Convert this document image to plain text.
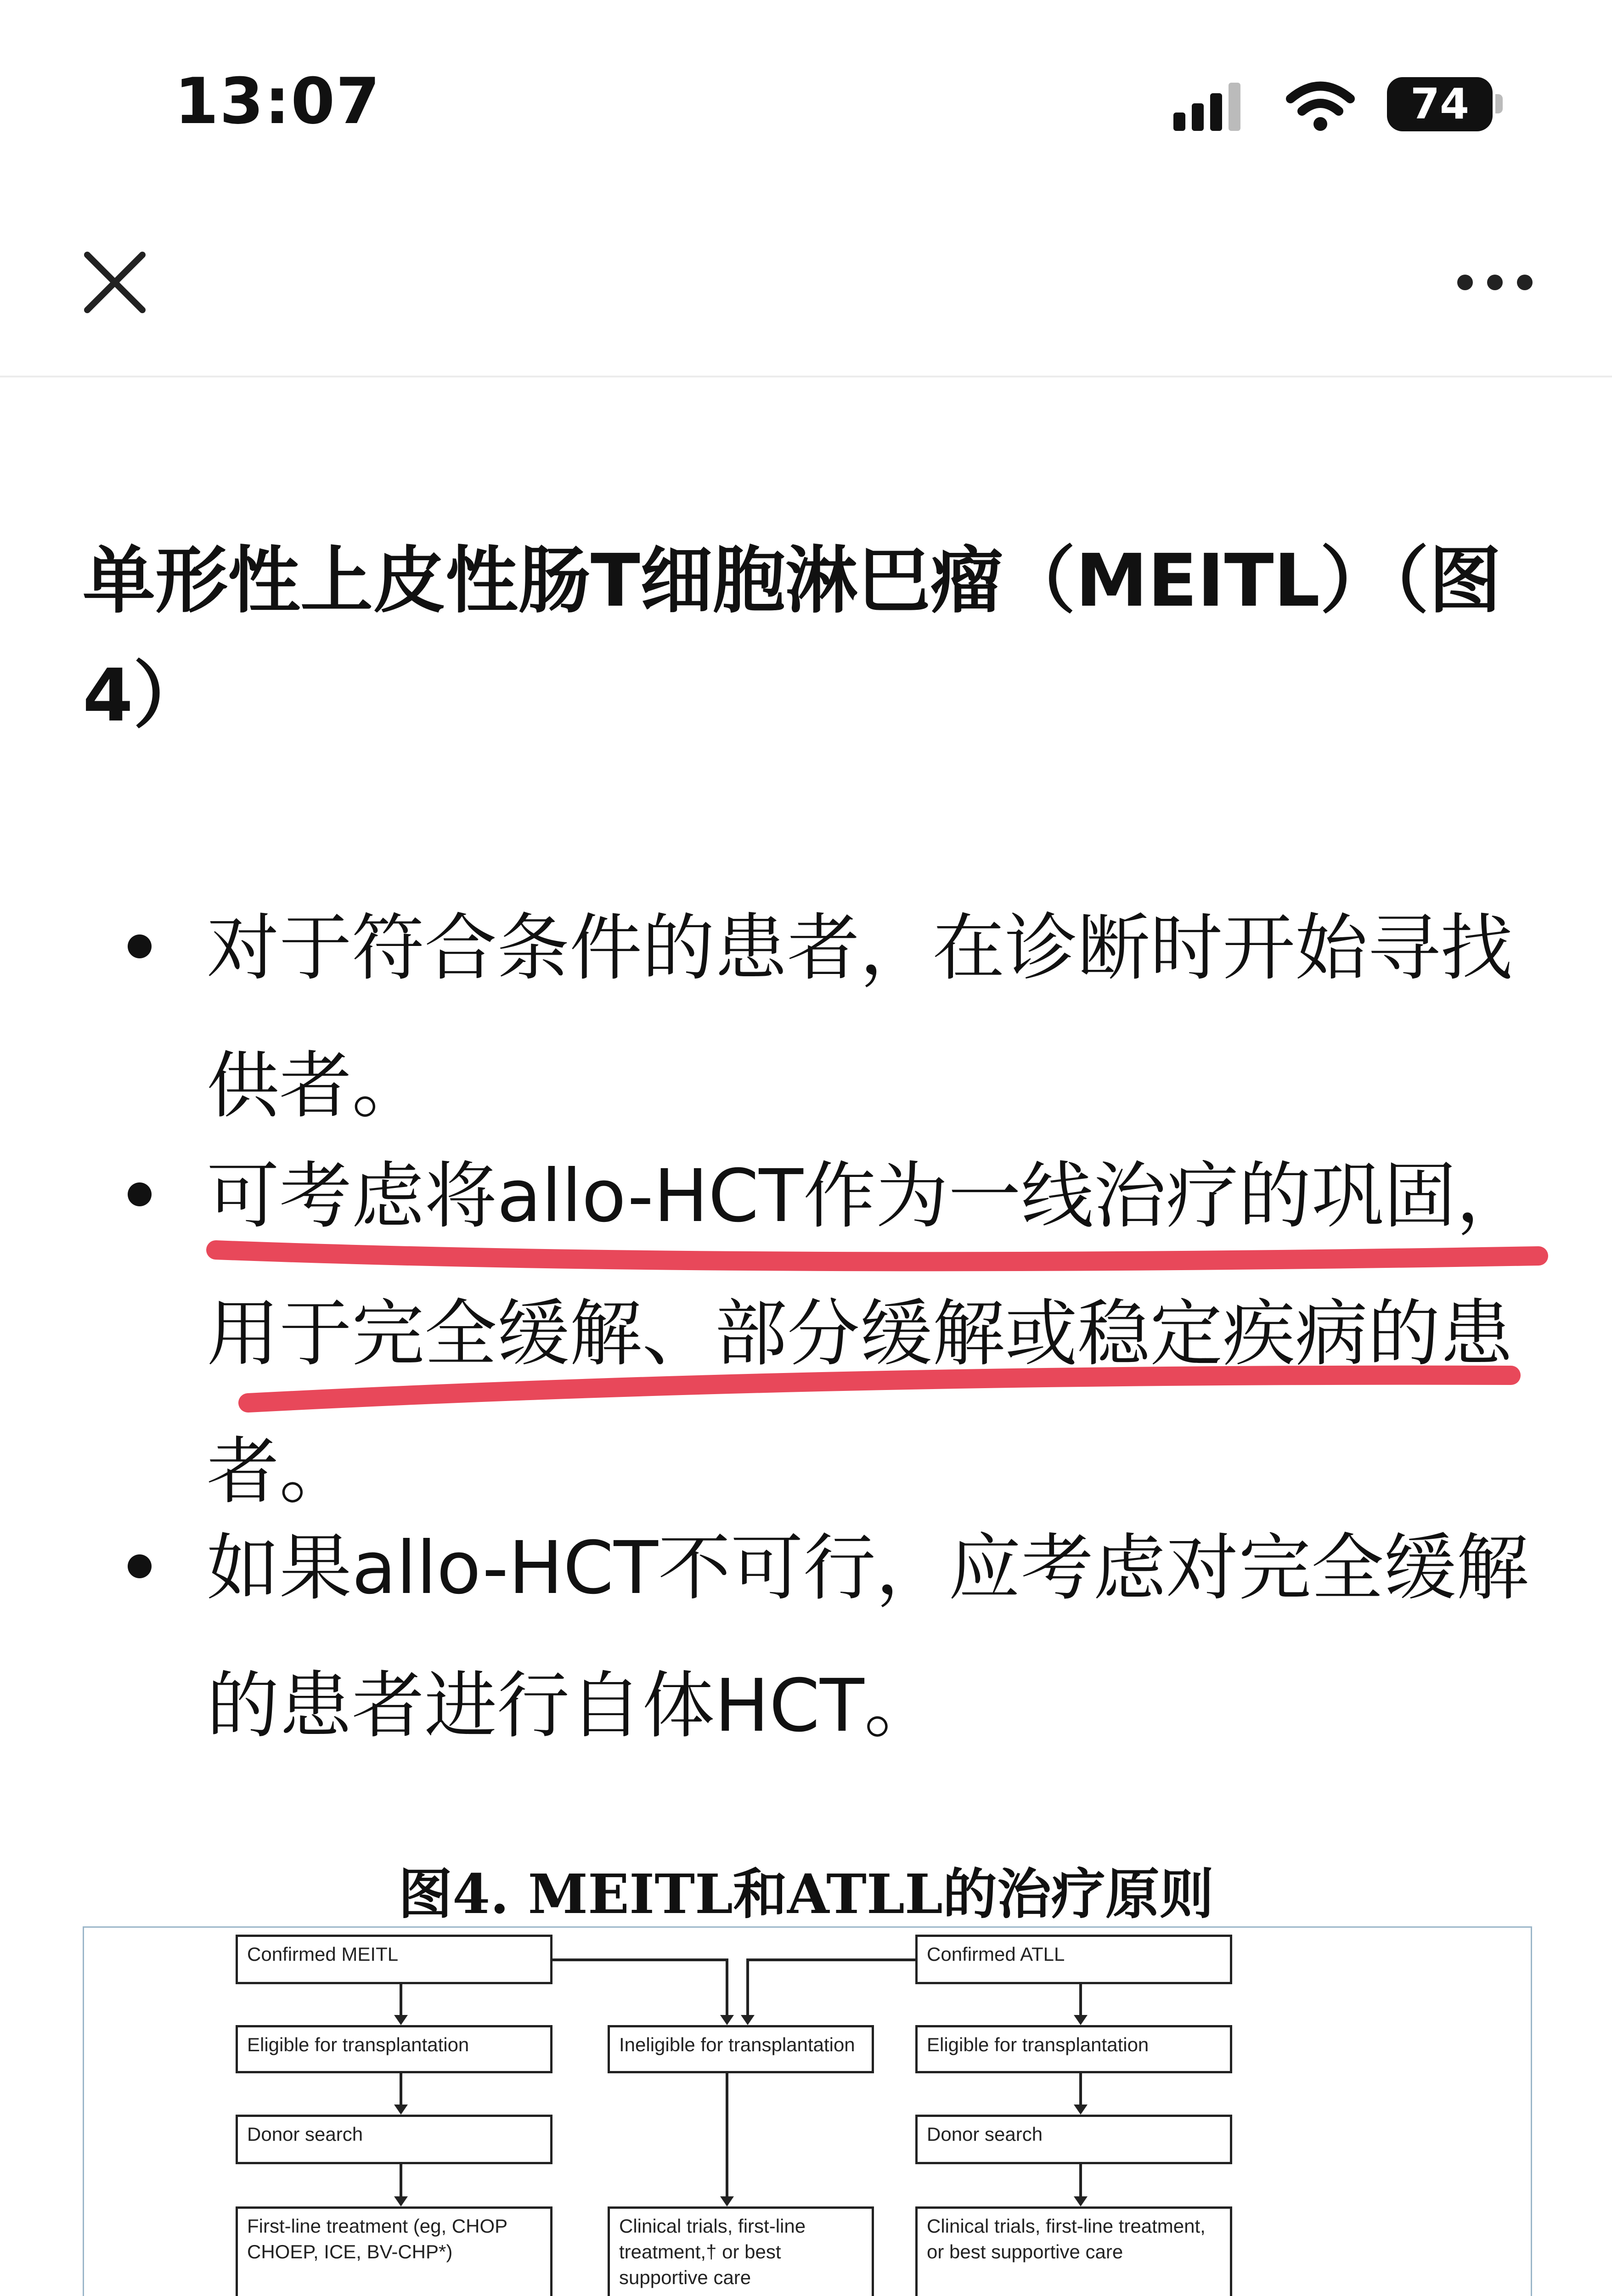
13:07	74
单形性上皮性肠T细胞淋巴瘤（MEITL）（图4）
对于符合条件的患者，在诊断时开始寻找供者。
可考虑将allo-HCT作为一线治疗的巩固，用于完全缓解、部分缓解或稳定疾病的患者。
如果allo-HCT不可行，应考虑对完全缓解的患者进行自体HCT。
图4. MEITL和ATLL的治疗原则
Confirmed MEITL
Eligible for transplantation
Donor search
First-line treatment (eg, CHOP CHOEP, ICE, BV-CHP*)
Ineligible for transplantation
Clinical trials, first-line treatment,† or best supportive care
Confirmed ATLL
Eligible for transplantation
Donor search
Clinical trials, first-line treatment, or best supportive care
